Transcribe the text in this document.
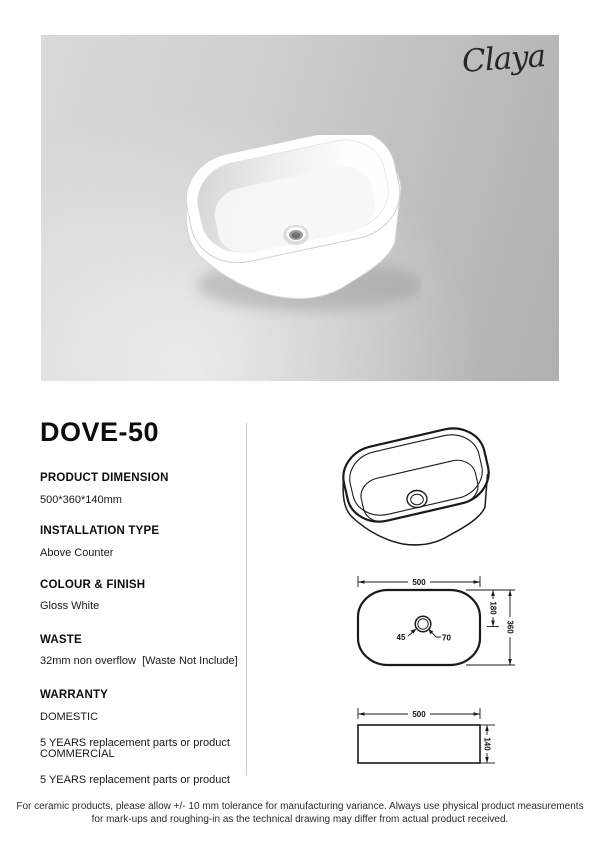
Claya
DOVE-50
PRODUCT DIMENSION
500*360*140mm
INSTALLATION TYPE
Above Counter
COLOUR & FINISH
Gloss White
WASTE
32mm non overflow  [Waste Not Include]
WARRANTY
DOMESTIC

5 YEARS replacement parts or product
COMMERCIAL

5 YEARS replacement parts or product
500
180
360
45	70
500
140
For ceramic products, please allow +/- 10 mm tolerance for manufacturing variance. Always use physical product measurements
for mark-ups and roughing-in as the technical drawing may differ from actual product received.
